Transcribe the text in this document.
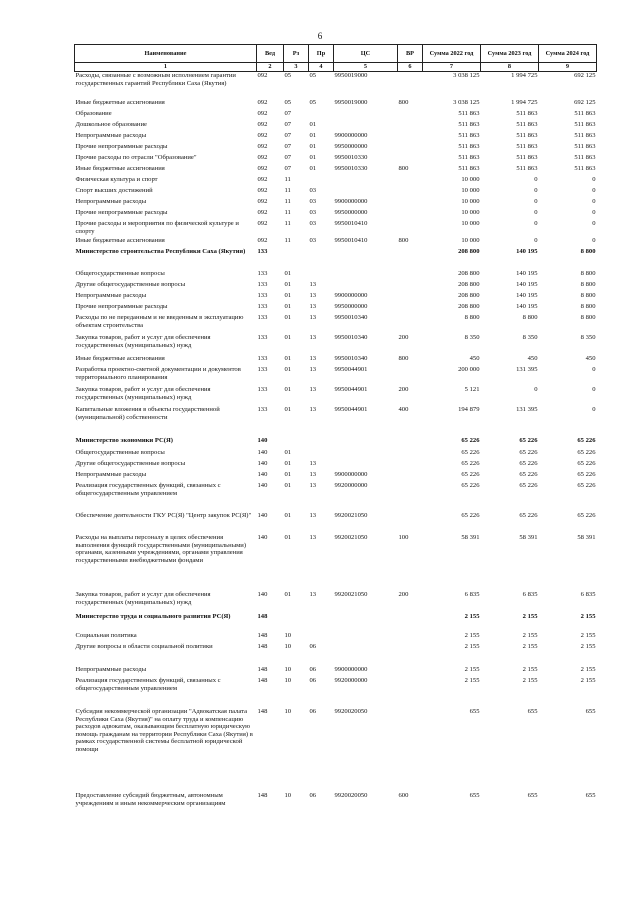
6
Наименование	Вед	Рз	Пр	ЦС	ВР	Сумма 2022 год	Сумма 2023 год	Сумма 2024 год
1	2	3	4	5	6	7	8	9
Расходы, связанные с возможным исполнением гарантии государственных гарантий Республики Саха (Якутия)	092	05	05	9950019000		3 038 125	1 994 725	692 125
Иные бюджетные ассигнования	092	05	05	9950019000	800	3 038 125	1 994 725	692 125
Образование	092	07				511 863	511 863	511 863
Дошкольное образование	092	07	01			511 863	511 863	511 863
Непрограммные расходы	092	07	01	9900000000		511 863	511 863	511 863
Прочие непрограммные расходы	092	07	01	9950000000		511 863	511 863	511 863
Прочие расходы по отрасли "Образование"	092	07	01	9950010330		511 863	511 863	511 863
Иные бюджетные ассигнования	092	07	01	9950010330	800	511 863	511 863	511 863
Физическая культура и спорт	092	11				10 000	0	0
Спорт высших достижений	092	11	03			10 000	0	0
Непрограммные расходы	092	11	03	9900000000		10 000	0	0
Прочие непрограммные расходы	092	11	03	9950000000		10 000	0	0
Прочие расходы и мероприятия по физической культуре и спорту	092	11	03	9950010410		10 000	0	0
Иные бюджетные ассигнования	092	11	03	9950010410	800	10 000	0	0
Министерство строительства Республики Саха (Якутия)	133					208 800	140 195	8 800
Общегосударственные вопросы	133	01				208 800	140 195	8 800
Другие общегосударственные вопросы	133	01	13			208 800	140 195	8 800
Непрограммные расходы	133	01	13	9900000000		208 800	140 195	8 800
Прочие непрограммные расходы	133	01	13	9950000000		208 800	140 195	8 800
Расходы по не переданным и не введенным в эксплуатацию объектам строительства	133	01	13	9950010340		8 800	8 800	8 800
Закупка товаров, работ и услуг для обеспечения государственных (муниципальных) нужд	133	01	13	9950010340	200	8 350	8 350	8 350
Иные бюджетные ассигнования	133	01	13	9950010340	800	450	450	450
Разработка проектно-сметной документации и документов территориального планирования	133	01	13	9950044901		200 000	131 395	0
Закупка товаров, работ и услуг для обеспечения государственных (муниципальных) нужд	133	01	13	9950044901	200	5 121	0	0
Капитальные вложения в объекты государственной (муниципальной) собственности	133	01	13	9950044901	400	194 879	131 395	0
Министерство экономики РС(Я)	140					65 226	65 226	65 226
Общегосударственные вопросы	140	01				65 226	65 226	65 226
Другие общегосударственные вопросы	140	01	13			65 226	65 226	65 226
Непрограммные расходы	140	01	13	9900000000		65 226	65 226	65 226
Реализация государственных функций, связанных с общегосударственным управлением	140	01	13	9920000000		65 226	65 226	65 226
Обеспечение деятельности ГКУ РС(Я) "Центр закупок РС(Я)"	140	01	13	9920021050		65 226	65 226	65 226
Расходы на выплаты персоналу в целях обеспечения выполнения функций государственными (муниципальными) органами, казенными учреждениями, органами управления государственными внебюджетными фондами	140	01	13	9920021050	100	58 391	58 391	58 391
Закупка товаров, работ и услуг для обеспечения государственных (муниципальных) нужд	140	01	13	9920021050	200	6 835	6 835	6 835
Министерство труда и социального развития РС(Я)	148					2 155	2 155	2 155
Социальная политика	148	10				2 155	2 155	2 155
Другие вопросы в области социальной политики	148	10	06			2 155	2 155	2 155
Непрограммные расходы	148	10	06	9900000000		2 155	2 155	2 155
Реализация государственных функций, связанных с общегосударственным управлением	148	10	06	9920000000		2 155	2 155	2 155
Субсидия некоммерческой организации "Адвокатская палата Республики Саха (Якутия)" на оплату труда и компенсацию расходов адвокатам, оказывающим бесплатную юридическую помощь гражданам на территории Республики Саха (Якутия) в рамках государственной системы бесплатной юридической помощи	148	10	06	9920020050		655	655	655
Предоставление субсидий бюджетным, автономным учреждениям и иным некоммерческим организациям	148	10	06	9920020050	600	655	655	655
